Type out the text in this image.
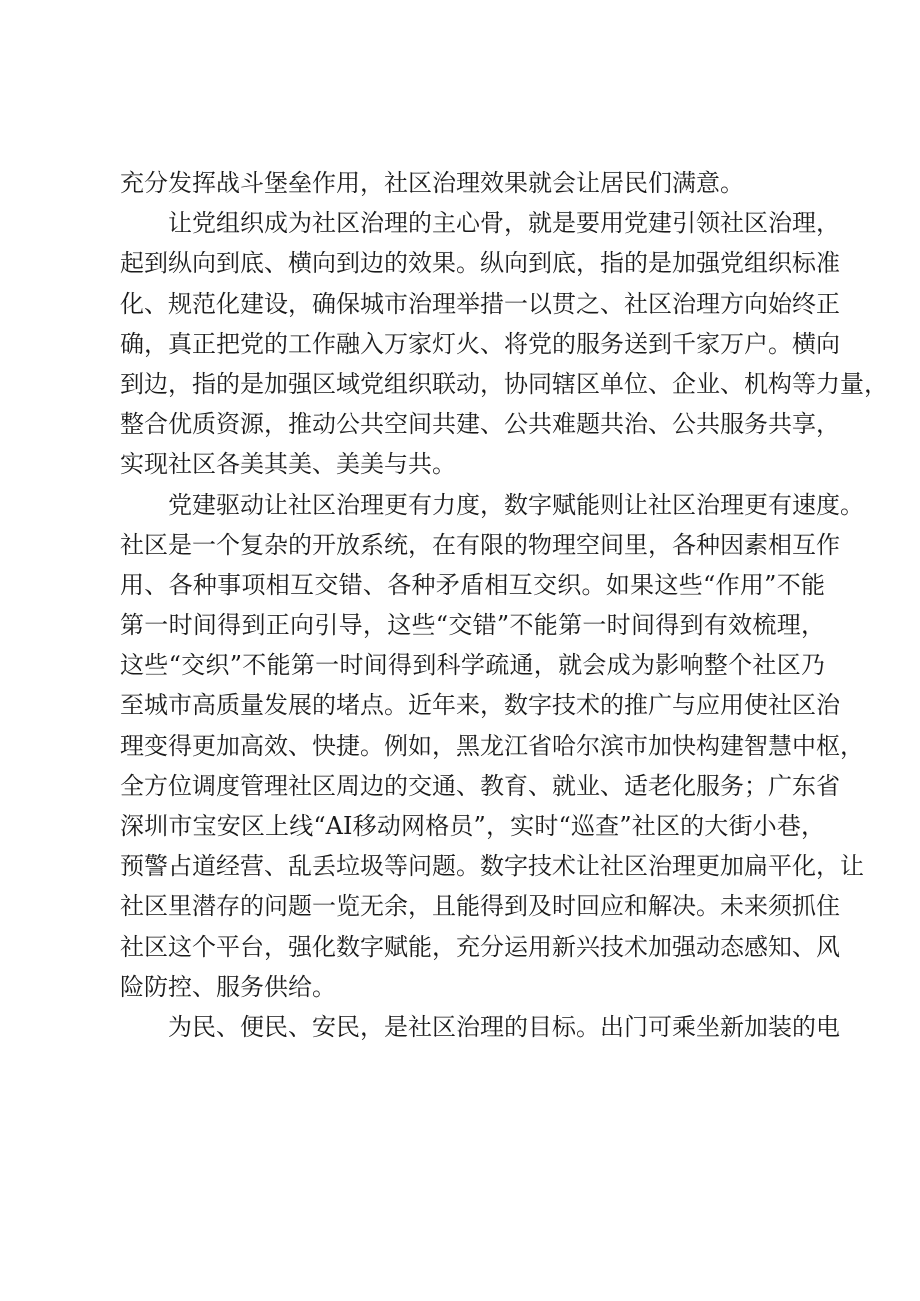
充分发挥战斗堡垒作用，社区治理效果就会让居民们满意。
让党组织成为社区治理的主心骨，就是要用党建引领社区治理，
起到纵向到底、横向到边的效果。纵向到底，指的是加强党组织标准
化、规范化建设，确保城市治理举措一以贯之、社区治理方向始终正
确，真正把党的工作融入万家灯火、将党的服务送到千家万户。横向
到边，指的是加强区域党组织联动，协同辖区单位、企业、机构等力量，
整合优质资源，推动公共空间共建、公共难题共治、公共服务共享，
实现社区各美其美、美美与共。
党建驱动让社区治理更有力度，数字赋能则让社区治理更有速度。
社区是一个复杂的开放系统，在有限的物理空间里，各种因素相互作
用、各种事项相互交错、各种矛盾相互交织。如果这些“作用”不能
第一时间得到正向引导，这些“交错”不能第一时间得到有效梳理，
这些“交织”不能第一时间得到科学疏通，就会成为影响整个社区乃
至城市高质量发展的堵点。近年来，数字技术的推广与应用使社区治
理变得更加高效、快捷。例如，黑龙江省哈尔滨市加快构建智慧中枢，
全方位调度管理社区周边的交通、教育、就业、适老化服务；广东省
深圳市宝安区上线“AI移动网格员”，实时“巡查”社区的大街小巷，
预警占道经营、乱丢垃圾等问题。数字技术让社区治理更加扁平化，让
社区里潜存的问题一览无余，且能得到及时回应和解决。未来须抓住
社区这个平台，强化数字赋能，充分运用新兴技术加强动态感知、风
险防控、服务供给。
为民、便民、安民，是社区治理的目标。出门可乘坐新加装的电
